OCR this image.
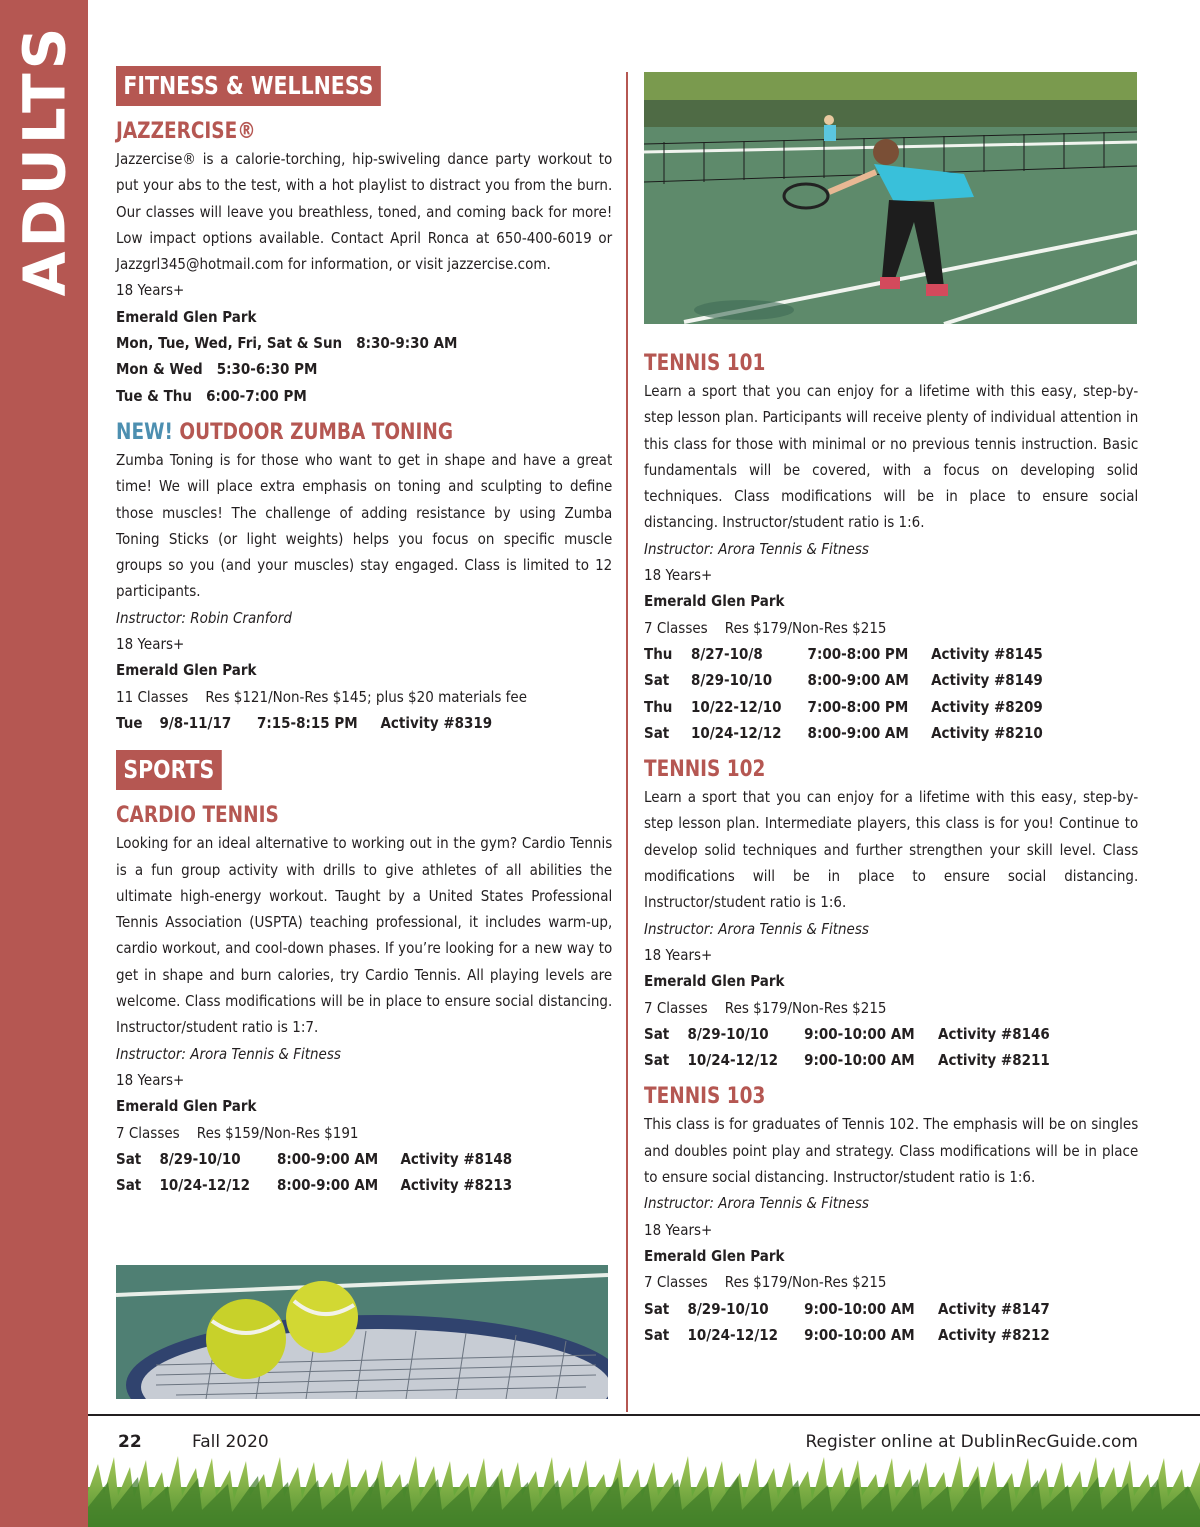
ADULTS FITNESS & WELLNESS
JAZZERCISE®
Jazzercise® is a calorie-torching, hip-swiveling dance party workout to put your abs to the test, with a hot playlist to distract you from the burn. Our classes will leave you breathless, toned, and coming back for more! Low impact options available. Contact April Ronca at 650-400-6019 or Jazzgrl345@hotmail.com for information, or visit jazzercise.com.
18 Years+
Emerald Glen Park
Mon, Tue, Wed, Fri, Sat & Sun   8:30-9:30 AM
Mon & Wed   5:30-6:30 PM
Tue & Thu   6:00-7:00 PM
NEW! OUTDOOR ZUMBA TONING
Zumba Toning is for those who want to get in shape and have a great time! We will place extra emphasis on toning and sculpting to define those muscles! The challenge of adding resistance by using Zumba Toning Sticks (or light weights) helps you focus on specific muscle groups so you (and your muscles) stay engaged. Class is limited to 12 participants.
Instructor: Robin Cranford
18 Years+
Emerald Glen Park
11 Classes    Res $121/Non-Res $145; plus $20 materials fee
Tue	9/8-11/17	7:15-8:15 PM	Activity #8319
SPORTS
CARDIO TENNIS
Looking for an ideal alternative to working out in the gym? Cardio Tennis is a fun group activity with drills to give athletes of all abilities the ultimate high-energy workout. Taught by a United States Professional Tennis Association (USPTA) teaching professional, it includes warm-up, cardio workout, and cool-down phases. If you’re looking for a new way to get in shape and burn calories, try Cardio Tennis. All playing levels are welcome. Class modifications will be in place to ensure social distancing. Instructor/student ratio is 1:7.
Instructor: Arora Tennis & Fitness
18 Years+
Emerald Glen Park
7 Classes    Res $159/Non-Res $191
Sat	8/29-10/10	8:00-9:00 AM	Activity #8148
Sat	10/24-12/12	8:00-9:00 AM	Activity #8213
TENNIS 101
Learn a sport that you can enjoy for a lifetime with this easy, step-by-step lesson plan. Participants will receive plenty of individual attention in this class for those with minimal or no previous tennis instruction. Basic fundamentals will be covered, with a focus on developing solid techniques. Class modifications will be in place to ensure social distancing. Instructor/student ratio is 1:6.
Instructor: Arora Tennis & Fitness
18 Years+
Emerald Glen Park
7 Classes    Res $179/Non-Res $215
Thu	8/27-10/8	7:00-8:00 PM	Activity #8145
Sat	8/29-10/10	8:00-9:00 AM	Activity #8149
Thu	10/22-12/10	7:00-8:00 PM	Activity #8209
Sat	10/24-12/12	8:00-9:00 AM	Activity #8210
TENNIS 102
Learn a sport that you can enjoy for a lifetime with this easy, step-by-step lesson plan. Intermediate players, this class is for you! Continue to develop solid techniques and further strengthen your skill level. Class modifications will be in place to ensure social distancing. Instructor/student ratio is 1:6.
Instructor: Arora Tennis & Fitness
18 Years+
Emerald Glen Park
7 Classes    Res $179/Non-Res $215
Sat	8/29-10/10	9:00-10:00 AM	Activity #8146
Sat	10/24-12/12	9:00-10:00 AM	Activity #8211
TENNIS 103
This class is for graduates of Tennis 102. The emphasis will be on singles and doubles point play and strategy. Class modifications will be in place to ensure social distancing. Instructor/student ratio is 1:6.
Instructor: Arora Tennis & Fitness
18 Years+
Emerald Glen Park
7 Classes    Res $179/Non-Res $215
Sat	8/29-10/10	9:00-10:00 AM	Activity #8147
Sat	10/24-12/12	9:00-10:00 AM	Activity #8212
22	Fall 2020	Register online at DublinRecGuide.com
